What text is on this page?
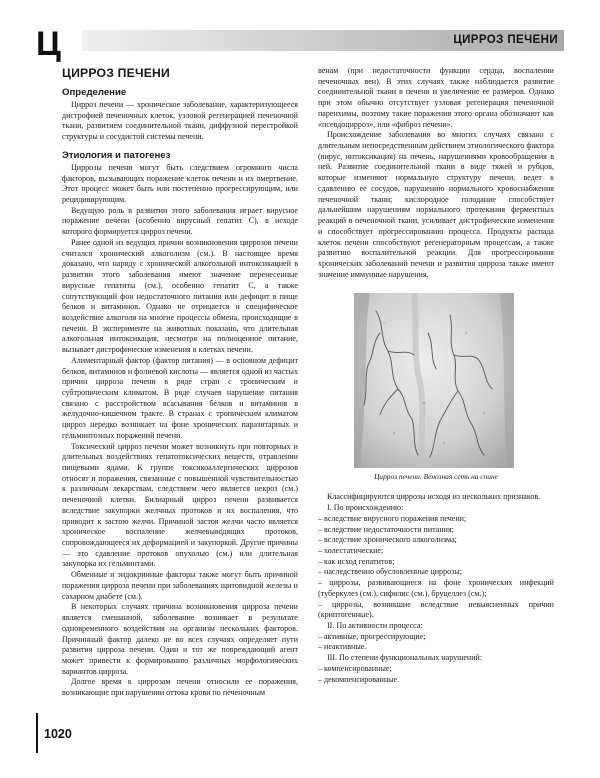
Ц	ЦИРРОЗ ПЕЧЕНИ
ЦИРРОЗ ПЕЧЕНИ
Определение

Цирроз печени — хроническое заболевание, характеризующееся дистрофией печеночных клеток, узловой регенерацией печеночной ткани, развитием соединительной ткани, диффузной перестройкой структуры и сосудистой системы печени.

Этиология и патогенез

Циррозы печени могут быть следствием огромного числа факторов, вызывающих поражение клеток печени и их омертвение. Этот процесс может быть или постепенно прогрессирующим, или рецидивирующим.

Ведущую роль в развитии этого заболевания играет вирусное поражение печени (особенно вирусный гепатит С), в исходе которого формируется цирроз печени.

Ранее одной из ведущих причин возникновения циррозов печени считался хронический алкоголизм (см.). В настоящее время доказано, что наряду с хронической алкогольной интоксикацией в развитии этого заболевания имеют значение перенесенные вирусные гепатиты (см.), особенно гепатит С, а также сопутствующий фон недостаточного питания или дефицит в пище белков и витаминов. Однако не отрицается и специфическое воздействие алкоголя на многие процессы обмена, происходящие в печени. В эксперименте на животных показано, что длительная алкогольная интоксикация, несмотря на полноценное питание, вызывает дистрофические изменения в клетках печени.

Алиментарный фактор (фактор питания) — в основном дефицит белков, витаминов и фолиевой кислоты — является одной из частых причин цирроза печени в ряде стран с тропическим и субтропическим климатом. В ряде случаев нарушение питания связано с расстройством всасывания белков и витаминов в желудочно-кишечном тракте. В странах с тропическим климатом цирроз нередко возникает на фоне хронических паразитарных и гельминтозных поражений печени.

Токсический цирроз печени может возникнуть при повторных и длительных воздействиях гепатотоксических веществ, отравлении пищевыми ядами. К группе токсикоаллергических циррозов относят и поражения, связанные с повышенной чувствительностью к различным лекарствам, следствием чего является некроз (см.) печеночной клетки. Билиарный цирроз печени развивается вследствие закупорки желчных протоков и их воспаления, что приводит к застою желчи. Причиной застоя желчи часто является хроническое воспаление желчевыводящих протоков, сопровождающееся их деформацией и закупоркой. Другие причины — это сдавление протоков опухолью (см.) или длительная закупорка их гельминтами.

Обменные и эндокринные факторы также могут быть причиной поражения цирроза печени при заболеваниях щитовидной железы и сахарном диабете (см.).

В некоторых случаях причина возникновения цирроза печени является смешанной, заболевание возникает в результате одновременного воздействия на организм нескольких факторов. Причинный фактор далеко не во всех случаях определяет пути развития цирроза печени. Один и тот же повреждающий агент может привести к формированию различных морфологических вариантов цирроза.

Долгое время к циррозам печени относили ее поражения, возникающие при нарушении оттока крови по печеночным

венам (при недостаточности функции сердца, воспалении печеночных вен). В этих случаях также наблюдается развитие соединительной ткани в печени и увеличение ее размеров. Однако при этом обычно отсутствует узловая регенерация печеночной паренхимы, поэтому такие поражения этого органа обозначают как «псевдоцирроз», или «фиброз печени».

Происхождение заболевания во многих случаях связано с длительным непосредственным действием этиологического фактора (вирус, интоксикация) на печень, нарушениями кровообращения в ней. Развитие соединительной ткани в виде тяжей и рубцов, которые изменяют нормальную структуру печени, ведет к сдавлению ее сосудов, нарушению нормального кровоснабжения печеночной ткани; кислородное голодание способствует дальнейшим нарушениям нормального протекания ферментных реакций в печеночной ткани, усиливает дистрофические изменения и способствует прогрессированию процесса. Продукты распада клеток печени способствуют регенераторным процессам, а также развитию воспалительной реакции. Для прогрессирования хронических заболеваний печени и развития цирроза также имеют значение иммунные нарушения.

Цирроз печени. Венозная сеть на спине

Классифицируются циррозы исходя из нескольких признаков.

I. По происхождению:
– вследствие вирусного поражения печени;
– вследствие недостаточности питания;
– вследствие хронического алкоголизма;
– холестатические;
– как исход гепатитов;
– наследственно обусловленные циррозы;
– циррозы, развивающиеся на фоне хронических инфекций (туберкулез (см.), сифилис (см.), бруцеллез (см.);
– циррозы, возникшие вследствие невыясненных причин (криптогенные).
II. По активности процесса:
– активные, прогрессирующие;
– неактивные.
III. По степени функциональных нарушений:
– компенсированные;
– декомпенсированные.
1020
